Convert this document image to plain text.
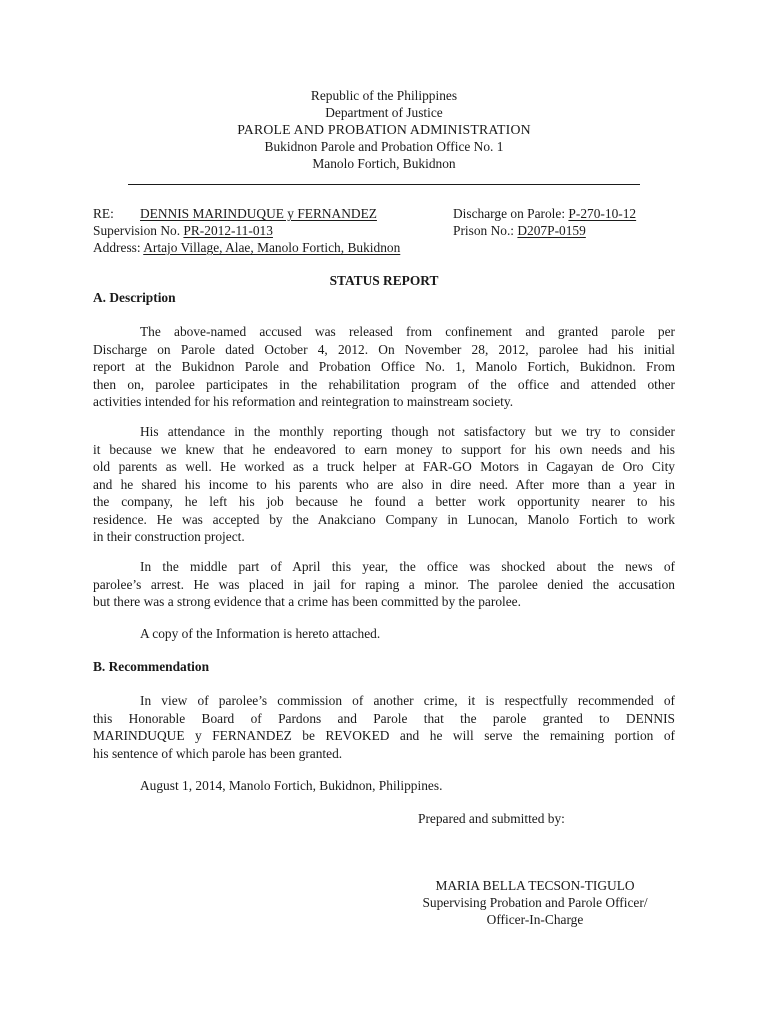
Republic of the Philippines
Department of Justice
PAROLE AND PROBATION ADMINISTRATION
Bukidnon Parole and Probation Office No. 1
Manolo Fortich, Bukidnon
RE: DENNIS MARINDUQUE y FERNANDEZ	Discharge on Parole: P-270-10-12
Supervision No. PR-2012-11-013	Prison No.: D207P-0159
Address: Artajo Village, Alae, Manolo Fortich, Bukidnon
STATUS REPORT
A. Description
The above-named accused was released from confinement and granted parole per
Discharge on Parole dated October 4, 2012. On November 28, 2012, parolee had his initial
report at the Bukidnon Parole and Probation Office No. 1, Manolo Fortich, Bukidnon. From
then on, parolee participates in the rehabilitation program of the office and attended other
activities intended for his reformation and reintegration to mainstream society.
His attendance in the monthly reporting though not satisfactory but we try to consider
it because we knew that he endeavored to earn money to support for his own needs and his
old parents as well. He worked as a truck helper at FAR-GO Motors in Cagayan de Oro City
and he shared his income to his parents who are also in dire need. After more than a year in
the company, he left his job because he found a better work opportunity nearer to his
residence. He was accepted by the Anakciano Company in Lunocan, Manolo Fortich to work
in their construction project.
In the middle part of April this year, the office was shocked about the news of
parolee’s arrest. He was placed in jail for raping a minor. The parolee denied the accusation
but there was a strong evidence that a crime has been committed by the parolee.
A copy of the Information is hereto attached.
B. Recommendation
In view of parolee’s commission of another crime, it is respectfully recommended of
this Honorable Board of Pardons and Parole that the parole granted to DENNIS
MARINDUQUE y FERNANDEZ be REVOKED and he will serve the remaining portion of
his sentence of which parole has been granted.
August 1, 2014, Manolo Fortich, Bukidnon, Philippines.
Prepared and submitted by:
MARIA BELLA TECSON-TIGULO
Supervising Probation and Parole Officer/
Officer-In-Charge
